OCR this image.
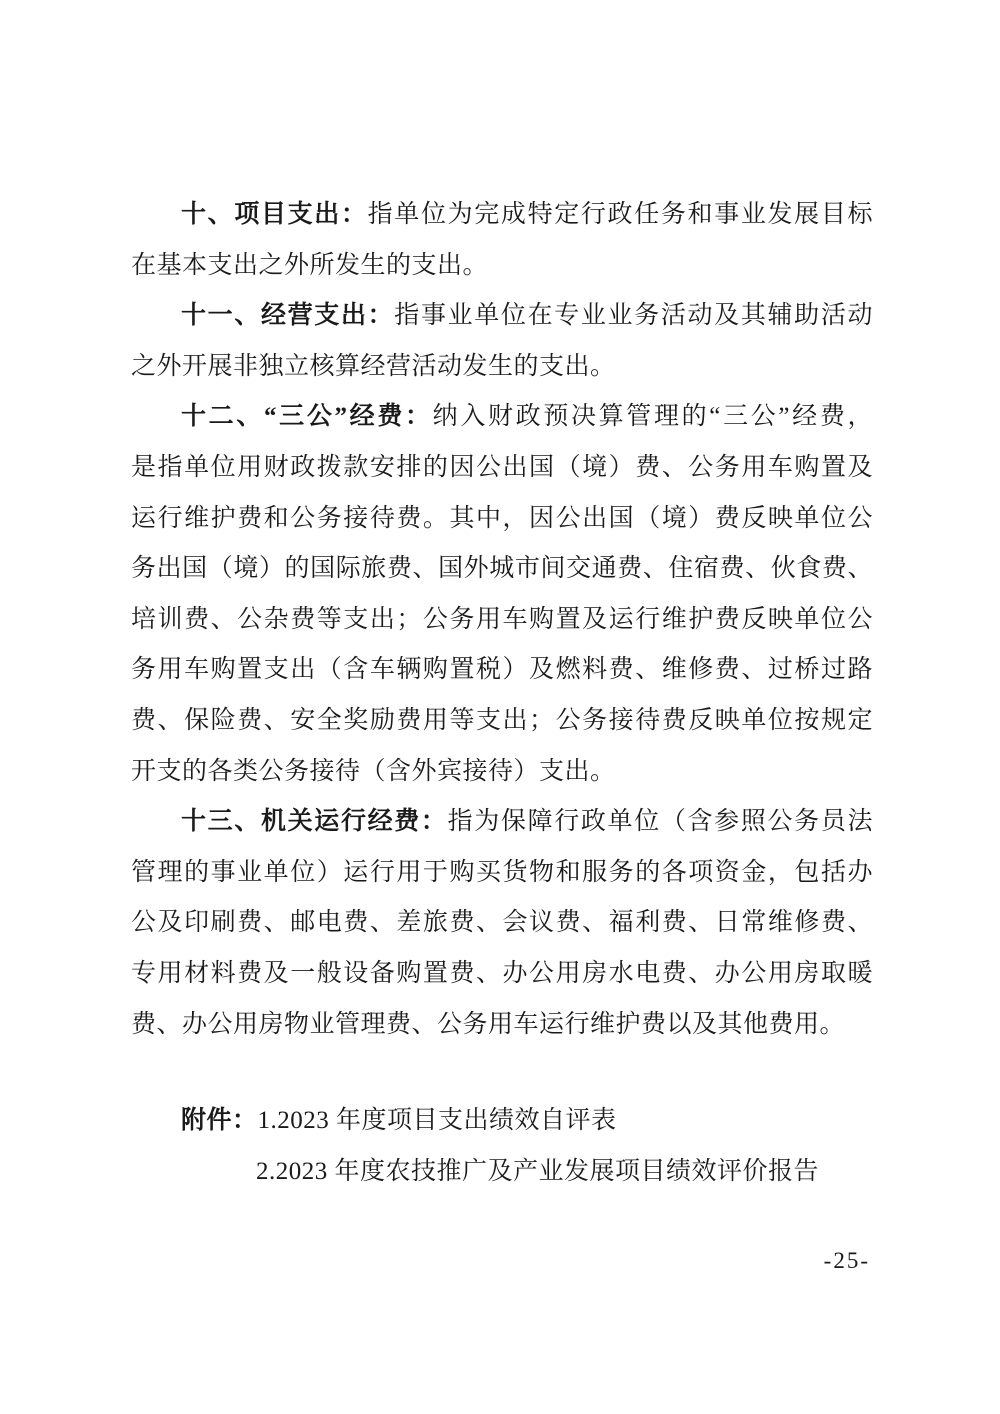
十、项目支出：指单位为完成特定行政任务和事业发展目标
在基本支出之外所发生的支出。
十一、经营支出：指事业单位在专业业务活动及其辅助活动
之外开展非独立核算经营活动发生的支出。
十二、“三公”经费：纳入财政预决算管理的“三公”经费，
是指单位用财政拨款安排的因公出国（境）费、公务用车购置及
运行维护费和公务接待费。其中，因公出国（境）费反映单位公
务出国（境）的国际旅费、国外城市间交通费、住宿费、伙食费、
培训费、公杂费等支出；公务用车购置及运行维护费反映单位公
务用车购置支出（含车辆购置税）及燃料费、维修费、过桥过路
费、保险费、安全奖励费用等支出；公务接待费反映单位按规定
开支的各类公务接待（含外宾接待）支出。
十三、机关运行经费：指为保障行政单位（含参照公务员法
管理的事业单位）运行用于购买货物和服务的各项资金，包括办
公及印刷费、邮电费、差旅费、会议费、福利费、日常维修费、
专用材料费及一般设备购置费、办公用房水电费、办公用房取暖
费、办公用房物业管理费、公务用车运行维护费以及其他费用。
附件：1.2023 年度项目支出绩效自评表
2.2023 年度农技推广及产业发展项目绩效评价报告
-25-
